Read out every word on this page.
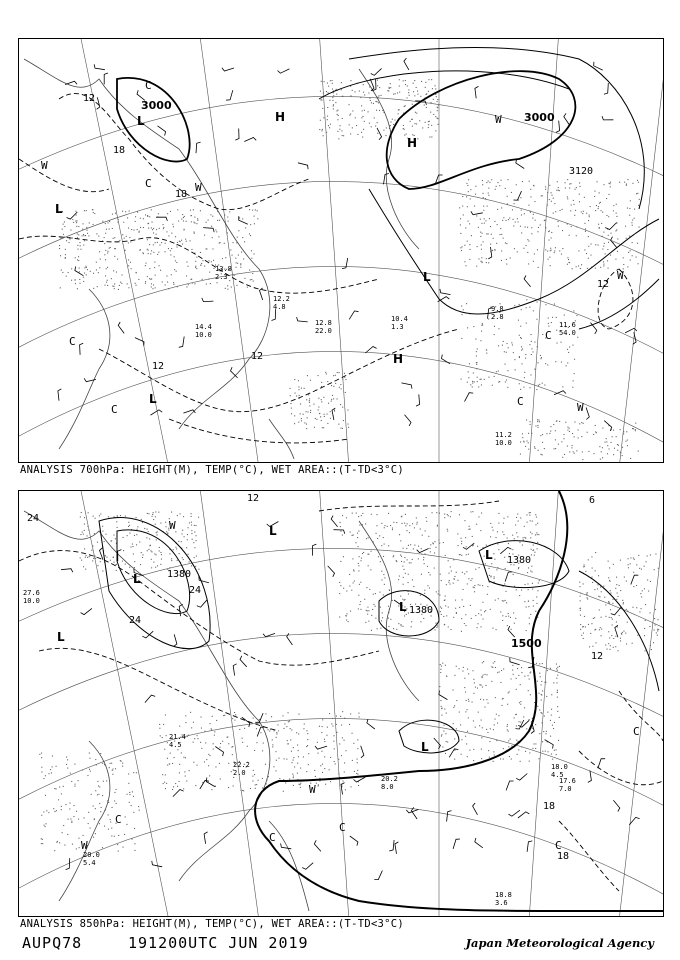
3000
3000
3120
12
12
12
18
18
12
L
L
L
L
H
H
H
W
W
W
W
W
C
C
C
C
C
C
11.2
10.0
11.6
54.0
12.8
22.0
14.4
10.0
9.8
2.8
10.4
1.3
12.2
4.8
13.8
2.3
ANALYSIS 700hPa: HEIGHT(M), TEMP(°C), WET AREA::(T-TD<3°C)
1500
1380
1380
1380
24
24
24
18
18
12
12	6
L
L
L
L
L
L
W
W
W
C
C
C
C
C
18.8
3.6
17.6
7.0
20.2
8.0
18.0
4.5
20.0
5.4
27.6
10.0
22.2
2.0
21.4
4.5
ANALYSIS 850hPa: HEIGHT(M), TEMP(°C), WET AREA::(T-TD<3°C)
AUPQ78	191200UTC JUN 2019	Japan Meteorological Agency
